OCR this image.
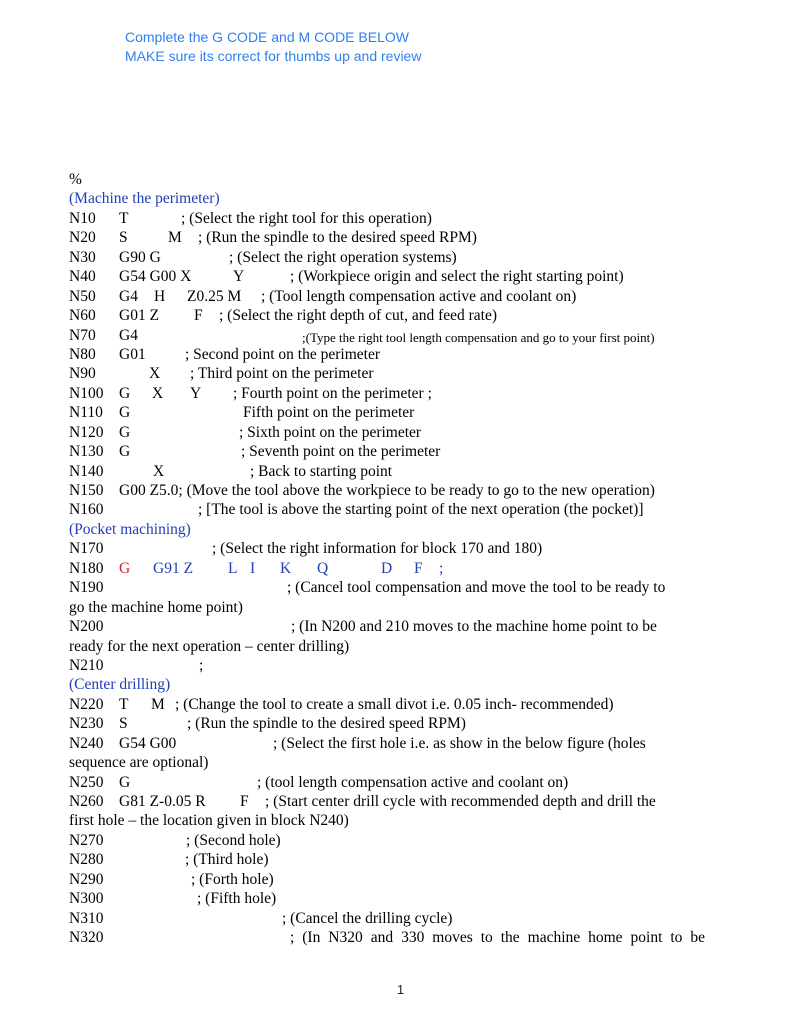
Complete the G CODE and M CODE BELOW
MAKE sure its correct for thumbs up and review
%
(Machine the perimeter)
N10 T	; (Select the right tool for this operation)
N20 S	M ; (Run the spindle to the desired speed RPM)
N30 G90 G	; (Select the right operation systems)
N40 G54 G00 X	Y	; (Workpiece origin and select the right starting point)
N50 G4 H Z0.25 M ; (Tool length compensation active and coolant on)
N60 G01 Z F ; (Select the right depth of cut, and feed rate)
N70 G4	;(Type the right tool length compensation and go to your first point)
N80 G01	; Second point on the perimeter
N90	X ; Third point on the perimeter
N100 G X Y ; Fourth point on the perimeter ;
N110 G	Fifth point on the perimeter
N120 G	; Sixth point on the perimeter
N130 G	; Seventh point on the perimeter
N140	X	; Back to starting point
N150 G00 Z5.0; (Move the tool above the workpiece to be ready to go to the new operation)
N160	; [The tool is above the starting point of the next operation (the pocket)]
(Pocket machining)
N170	; (Select the right information for block 170 and 180)
N180 G G91 Z L I K Q	D F ;
N190	; (Cancel tool compensation and move the tool to be ready to
go the machine home point)
N200	; (In N200 and 210 moves to the machine home point to be
ready for the next operation – center drilling)
N210	;
(Center drilling)
N220 T M ; (Change the tool to create a small divot i.e. 0.05 inch- recommended)
N230 S	; (Run the spindle to the desired speed RPM)
N240 G54 G00	; (Select the first hole i.e. as show in the below figure (holes
sequence are optional)
N250 G	; (tool length compensation active and coolant on)
N260 G81 Z-0.05 R F ; (Start center drill cycle with recommended depth and drill the
first hole – the location given in block N240)
N270	; (Second hole)
N280	; (Third hole)
N290	; (Forth hole)
N300	; (Fifth hole)
N310	; (Cancel the drilling cycle)
N320	; (In N320 and 330 moves to the machine home point to be
1
